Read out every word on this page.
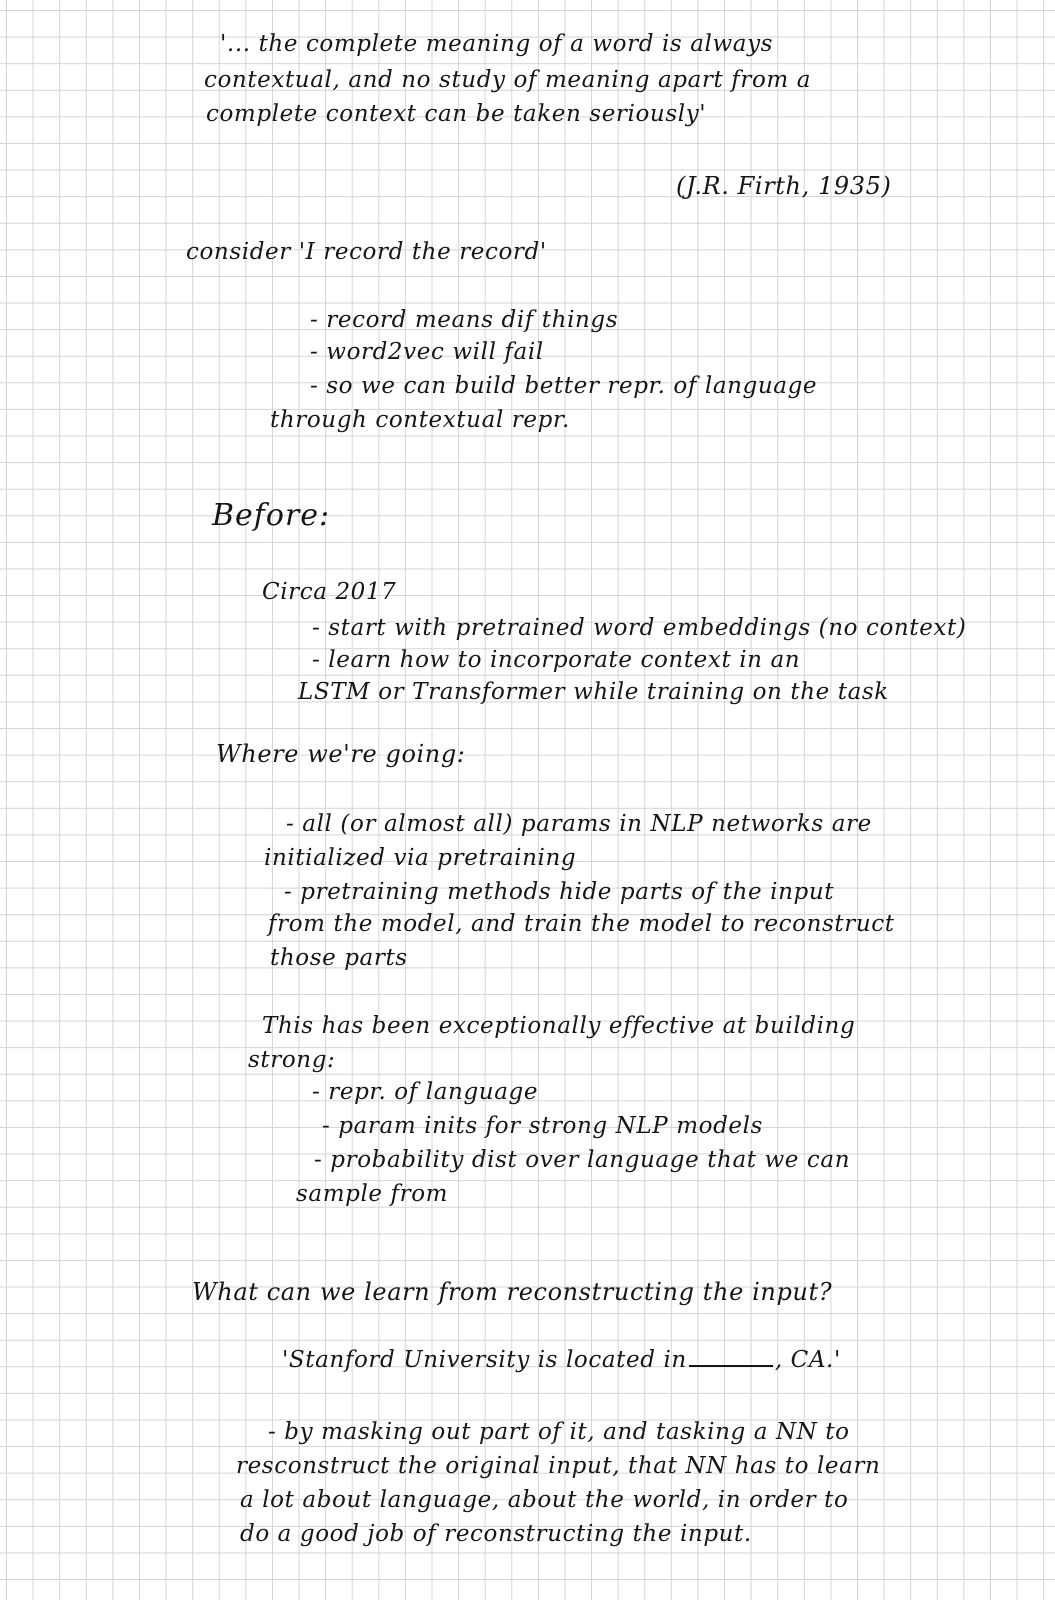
'... the complete meaning of a word is always
contextual, and no study of meaning apart from a
complete context can be taken seriously'
(J.R. Firth, 1935)
consider 'I record the record'
- record means dif things
- word2vec will fail
- so we can build better repr. of language
through contextual repr.
Before:
Circa 2017
- start with pretrained word embeddings (no context)
- learn how to incorporate context in an
LSTM or Transformer while training on the task
Where we're going:
- all (or almost all) params in NLP networks are
initialized via pretraining
- pretraining methods hide parts of the input
from the model, and train the model to reconstruct
those parts
This has been exceptionally effective at building
strong:
- repr. of language
- param inits for strong NLP models
- probability dist over language that we can
sample from
What can we learn from reconstructing the input?
'Stanford University is located in	, CA.'
- by masking out part of it, and tasking a NN to
resconstruct the original input, that NN has to learn
a lot about language, about the world, in order to
do a good job of reconstructing the input.
